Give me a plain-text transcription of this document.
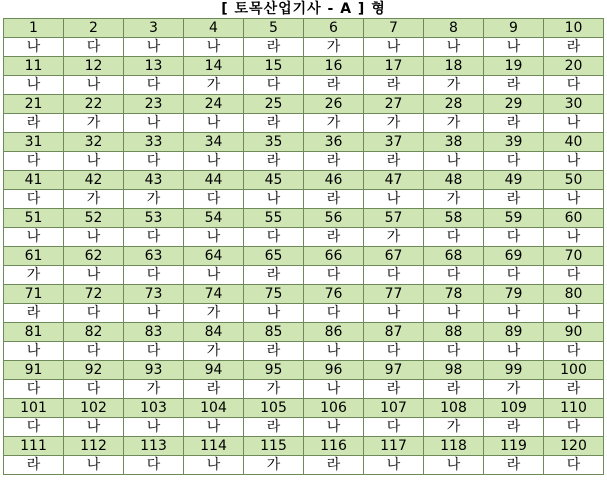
[ 토목산업기사 - A ] 형
1	2	3	4	5	6	7	8	9	10
나	다	나	나	라	가	나	나	나	라
11	12	13	14	15	16	17	18	19	20
나	나	다	가	다	라	라	가	라	다
21	22	23	24	25	26	27	28	29	30
라	가	나	나	라	가	가	가	라	나
31	32	33	34	35	36	37	38	39	40
다	나	다	나	라	라	라	나	다	나
41	42	43	44	45	46	47	48	49	50
다	가	가	다	나	라	나	가	라	나
51	52	53	54	55	56	57	58	59	60
나	나	다	나	다	라	가	다	다	나
61	62	63	64	65	66	67	68	69	70
가	나	다	나	라	다	다	다	다	다
71	72	73	74	75	76	77	78	79	80
라	다	나	가	나	다	나	나	나	나
81	82	83	84	85	86	87	88	89	90
나	다	다	가	라	나	다	다	나	다
91	92	93	94	95	96	97	98	99	100
다	다	가	라	가	나	라	라	가	라
101	102	103	104	105	106	107	108	109	110
다	나	나	나	라	나	다	가	라	다
111	112	113	114	115	116	117	118	119	120
라	나	다	나	가	라	나	나	라	다
